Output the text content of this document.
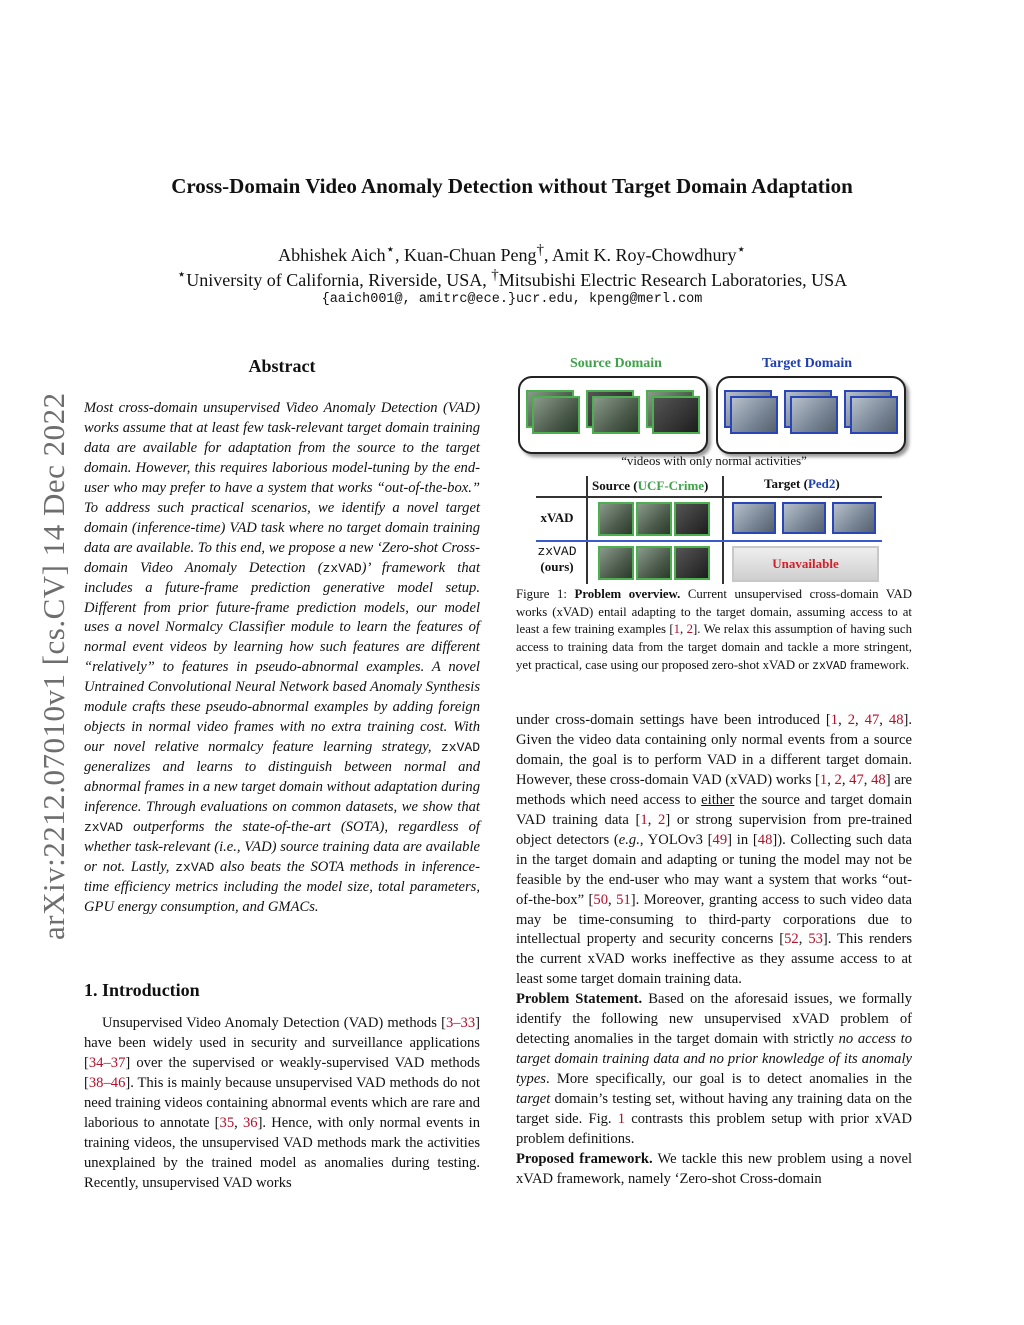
arXiv:2212.07010v1 [cs.CV] 14 Dec 2022
Cross-Domain Video Anomaly Detection without Target Domain Adaptation
Abhishek Aich⋆, Kuan-Chuan Peng†, Amit K. Roy-Chowdhury⋆
⋆University of California, Riverside, USA, †Mitsubishi Electric Research Laboratories, USA
{aaich001@, amitrc@ece.}ucr.edu, kpeng@merl.com
Abstract
Most cross-domain unsupervised Video Anomaly Detection (VAD) works assume that at least few task-relevant target domain training data are available for adaptation from the source to the target domain. However, this requires laborious model-tuning by the end-user who may prefer to have a system that works “out-of-the-box.” To address such practical scenarios, we identify a novel target domain (inference-time) VAD task where no target domain training data are available. To this end, we propose a new ‘Zero-shot Cross-domain Video Anomaly Detection (zxVAD)’ framework that includes a future-frame prediction generative model setup. Different from prior future-frame prediction models, our model uses a novel Normalcy Classifier module to learn the features of normal event videos by learning how such features are different “relatively” to features in pseudo-abnormal examples. A novel Untrained Convolutional Neural Network based Anomaly Synthesis module crafts these pseudo-abnormal examples by adding foreign objects in normal video frames with no extra training cost. With our novel relative normalcy feature learning strategy, zxVAD generalizes and learns to distinguish between normal and abnormal frames in a new target domain without adaptation during inference. Through evaluations on common datasets, we show that zxVAD outperforms the state-of-the-art (SOTA), regardless of whether task-relevant (i.e., VAD) source training data are available or not. Lastly, zxVAD also beats the SOTA methods in inference-time efficiency metrics including the model size, total parameters, GPU energy consumption, and GMACs.
1. Introduction
Unsupervised Video Anomaly Detection (VAD) methods [3–33] have been widely used in security and surveillance applications [34–37] over the supervised or weakly-supervised VAD methods [38–46]. This is mainly because unsupervised VAD methods do not need training videos containing abnormal events which are rare and laborious to annotate [35, 36]. Hence, with only normal events in training videos, the unsupervised VAD methods mark the activities unexplained by the trained model as anomalies during testing. Recently, unsupervised VAD works
Source Domain	Target Domain
“videos with only normal activities”
Source (UCF-Crime)	Target (Ped2)
xVAD
zxVAD
(ours)	Unavailable
Figure 1: Problem overview. Current unsupervised cross-domain VAD works (xVAD) entail adapting to the target domain, assuming access to at least a few training examples [1, 2]. We relax this assumption of having such access to training data from the target domain and tackle a more stringent, yet practical, case using our proposed zero-shot xVAD or zxVAD framework.

under cross-domain settings have been introduced [1, 2, 47, 48]. Given the video data containing only normal events from a source domain, the goal is to perform VAD in a different target domain. However, these cross-domain VAD (xVAD) works [1, 2, 47, 48] are methods which need access to either the source and target domain VAD training data [1, 2] or strong supervision from pre-trained object detectors (e.g., YOLOv3 [49] in [48]). Collecting such data in the target domain and adapting or tuning the model may not be feasible by the end-user who may want a system that works “out-of-the-box” [50, 51]. Moreover, granting access to such video data may be time-consuming to third-party corporations due to intellectual property and security concerns [52, 53]. This renders the current xVAD works ineffective as they assume access to at least some target domain training data.

Problem Statement. Based on the aforesaid issues, we formally identify the following new unsupervised xVAD problem of detecting anomalies in the target domain with strictly no access to target domain training data and no prior knowledge of its anomaly types. More specifically, our goal is to detect anomalies in the target domain’s testing set, without having any training data on the target side. Fig. 1 contrasts this problem setup with prior xVAD problem definitions.

Proposed framework. We tackle this new problem using a novel xVAD framework, namely ‘Zero-shot Cross-domain
